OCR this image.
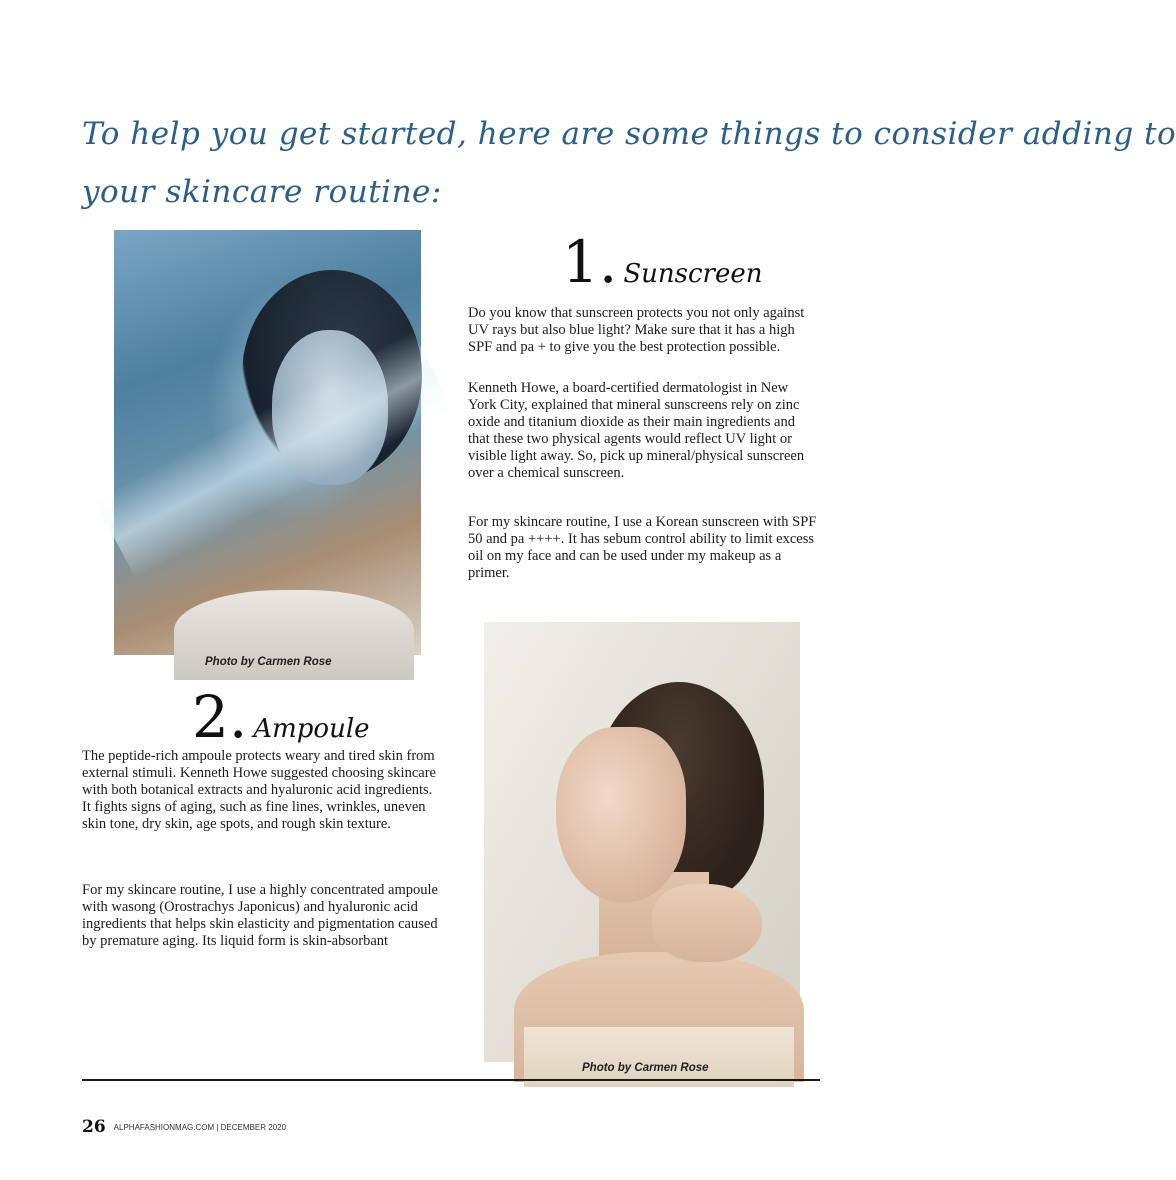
To help you get started, here are some things to consider adding to
your skincare routine:
Photo by Carmen Rose
1. Sunscreen

Do you know that sunscreen protects you not only against UV rays but also blue light? Make sure that it has a high SPF and pa + to give you the best protection possible.

Kenneth Howe, a board-certified dermatologist in New York City, explained that mineral sunscreens rely on zinc oxide and titanium dioxide as their main ingredients and that these two physical agents would reflect UV light or visible light away. So, pick up mineral/physical sunscreen over a chemical sunscreen.

For my skincare routine, I use a Korean sunscreen with SPF 50 and pa ++++. It has sebum control ability to limit excess oil on my face and can be used under my makeup as a primer.

2. Ampoule

The peptide-rich ampoule protects weary and tired skin from external stimuli. Kenneth Howe suggested choosing skincare with both botanical extracts and hyaluronic acid ingredients. It fights signs of aging, such as fine lines, wrinkles, uneven skin tone, dry skin, age spots, and rough skin texture.

For my skincare routine, I use a highly concentrated ampoule with wasong (Orostrachys Japonicus) and hyaluronic acid ingredients that helps skin elasticity and pigmentation caused by premature aging. Its liquid form is skin-absorbant

Photo by Carmen Rose
26 ALPHAFASHIONMAG.COM | DECEMBER 2020
